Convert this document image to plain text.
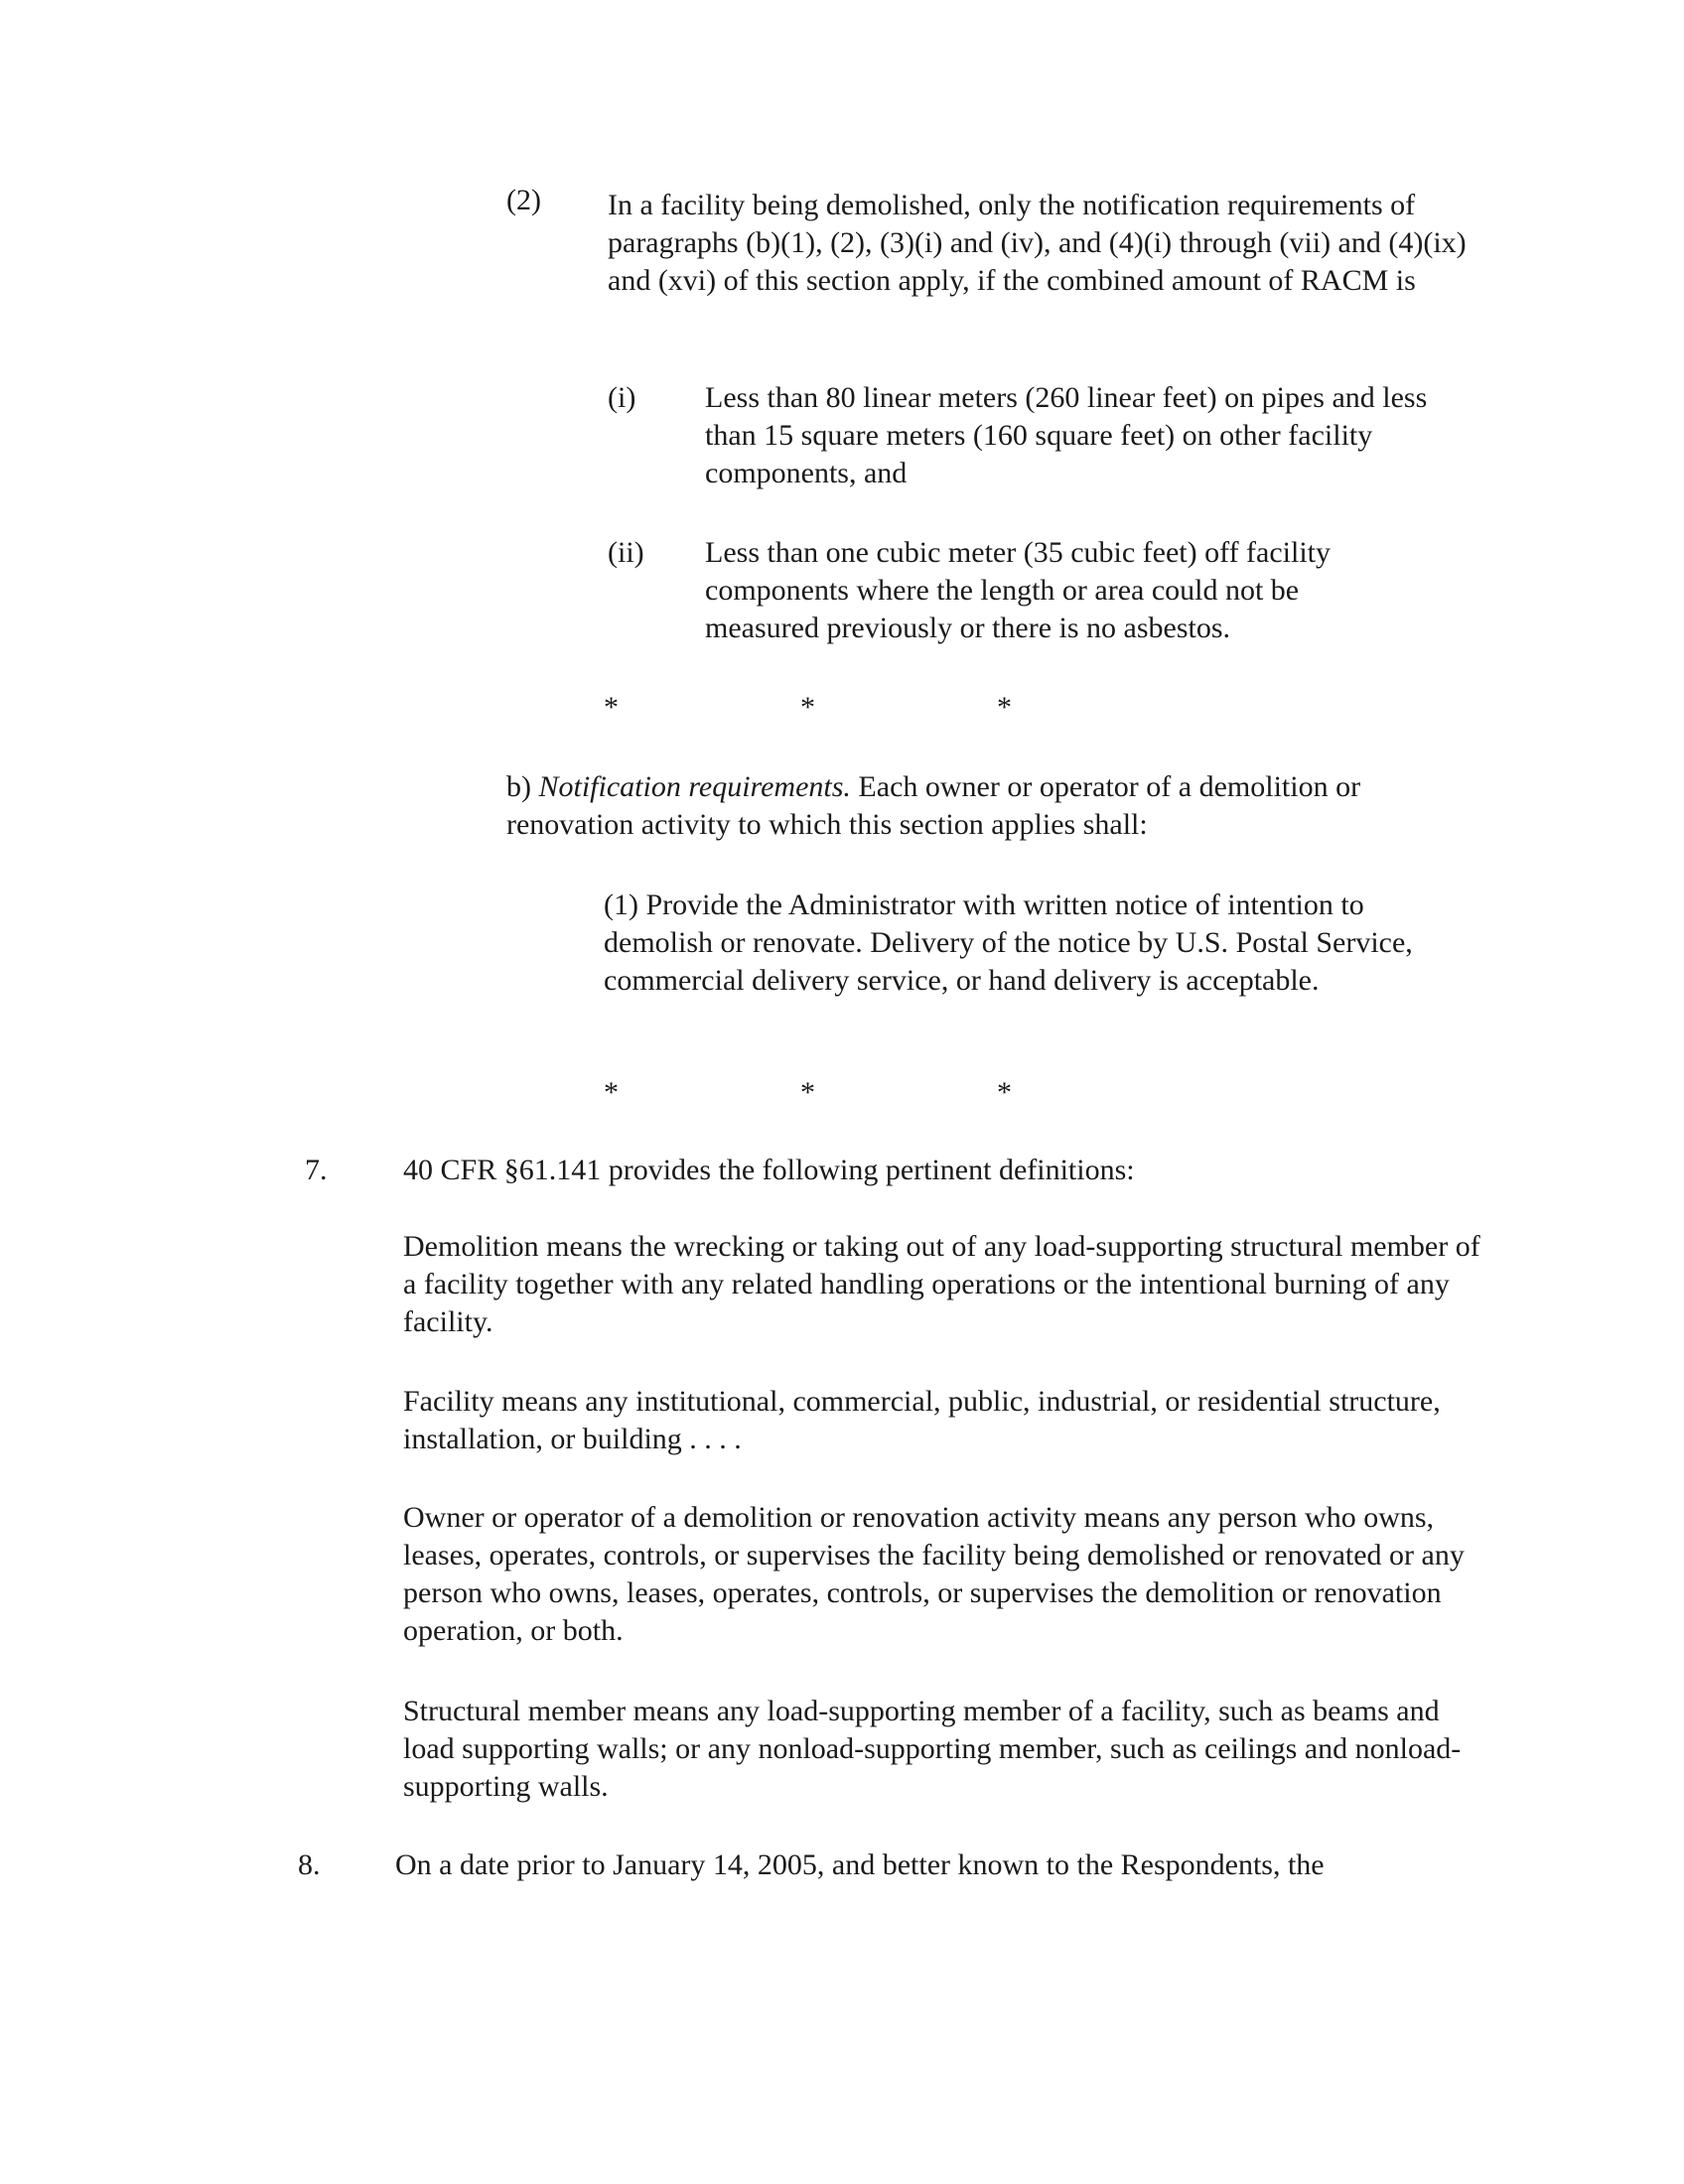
(2) In a facility being demolished, only the notification requirements of paragraphs (b)(1), (2), (3)(i) and (iv), and (4)(i) through (vii) and (4)(ix) and (xvi) of this section apply, if the combined amount of RACM is

(i) Less than 80 linear meters (260 linear feet) on pipes and less than 15 square meters (160 square feet) on other facility components, and

(ii) Less than one cubic meter (35 cubic feet) off facility components where the length or area could not be measured previously or there is no asbestos.

*	*	*

b) Notification requirements. Each owner or operator of a demolition or renovation activity to which this section applies shall:

(1) Provide the Administrator with written notice of intention to demolish or renovate. Delivery of the notice by U.S. Postal Service, commercial delivery service, or hand delivery is acceptable.

*	*	*
7.	40 CFR §61.141 provides the following pertinent definitions:

Demolition means the wrecking or taking out of any load-supporting structural member of a facility together with any related handling operations or the intentional burning of any facility.

Facility means any institutional, commercial, public, industrial, or residential structure, installation, or building . . . .

Owner or operator of a demolition or renovation activity means any person who owns, leases, operates, controls, or supervises the facility being demolished or renovated or any person who owns, leases, operates, controls, or supervises the demolition or renovation operation, or both.

Structural member means any load-supporting member of a facility, such as beams and load supporting walls; or any nonload-supporting member, such as ceilings and nonload-supporting walls.

8.	On a date prior to January 14, 2005, and better known to the Respondents, the
